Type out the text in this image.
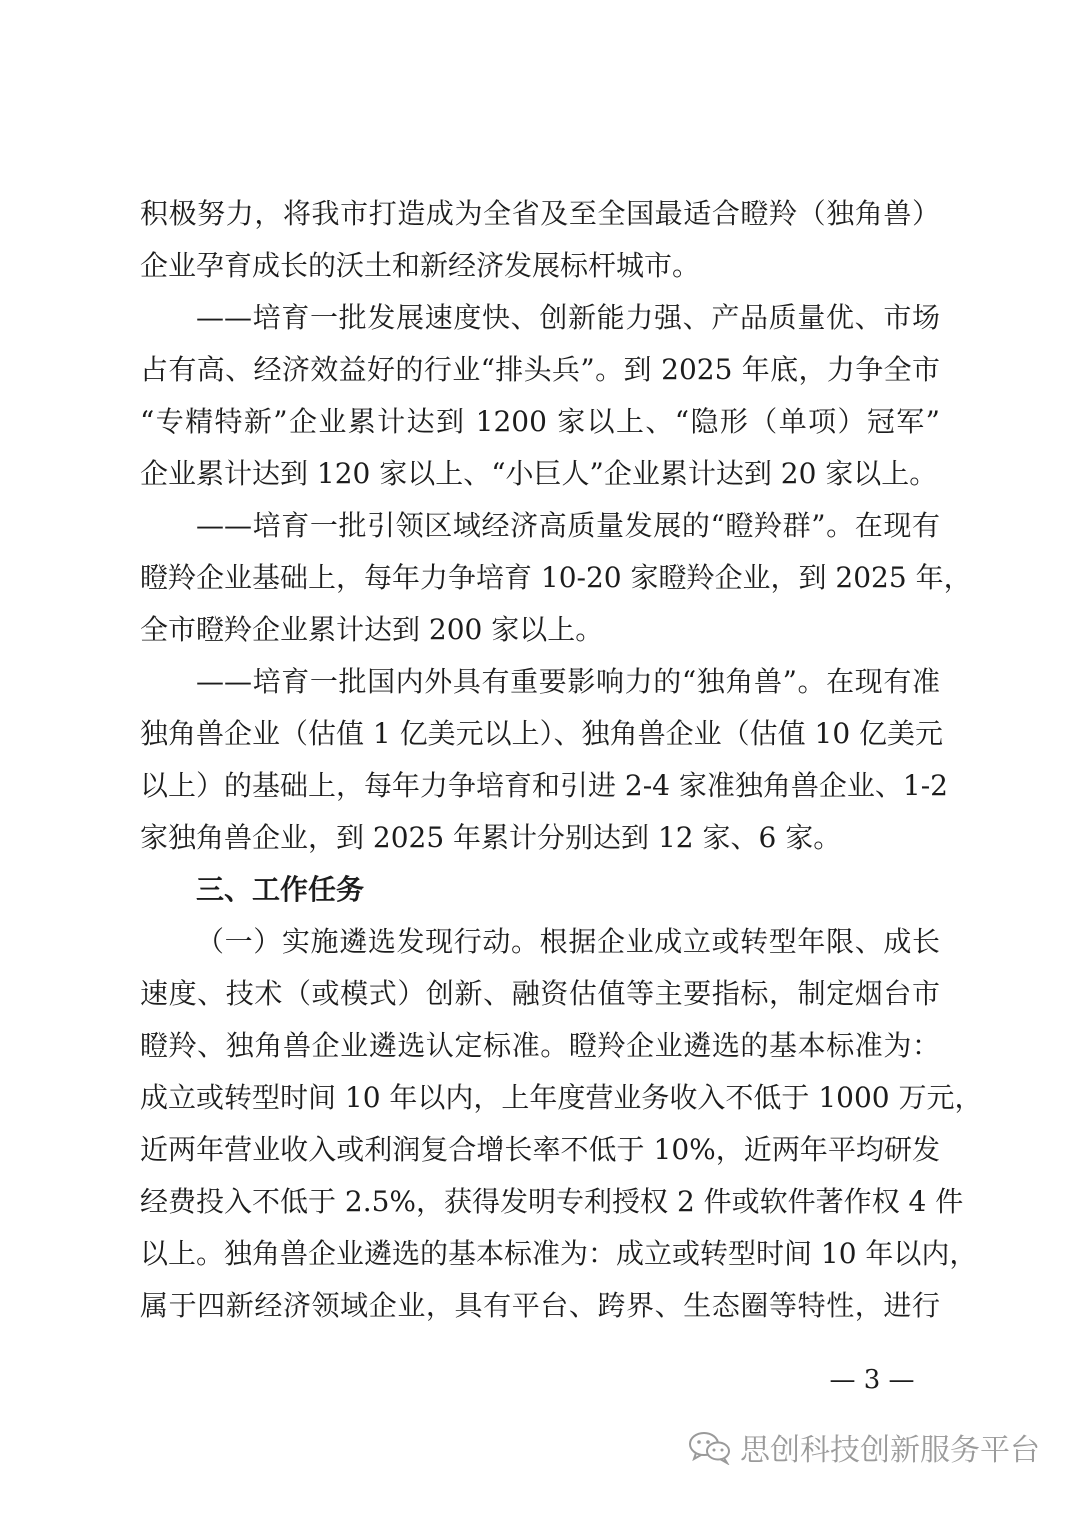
积极努力，将我市打造成为全省及至全国最适合瞪羚（独角兽）
企业孕育成长的沃土和新经济发展标杆城市。
——培育一批发展速度快、创新能力强、产品质量优、市场
占有高、经济效益好的行业“排头兵”。到 2025 年底，力争全市
“专精特新”企业累计达到 1200 家以上、“隐形（单项）冠军”
企业累计达到 120 家以上、“小巨人”企业累计达到 20 家以上。
——培育一批引领区域经济高质量发展的“瞪羚群”。在现有
瞪羚企业基础上，每年力争培育 10-20 家瞪羚企业，到 2025 年，
全市瞪羚企业累计达到 200 家以上。
——培育一批国内外具有重要影响力的“独角兽”。在现有准
独角兽企业（估值 1 亿美元以上）、独角兽企业（估值 10 亿美元
以上）的基础上，每年力争培育和引进 2-4 家准独角兽企业、1-2
家独角兽企业，到 2025 年累计分别达到 12 家、6 家。
三、工作任务
（一）实施遴选发现行动。根据企业成立或转型年限、成长
速度、技术（或模式）创新、融资估值等主要指标，制定烟台市
瞪羚、独角兽企业遴选认定标准。瞪羚企业遴选的基本标准为：
成立或转型时间 10 年以内，上年度营业务收入不低于 1000 万元，
近两年营业收入或利润复合增长率不低于 10%，近两年平均研发
经费投入不低于 2.5%，获得发明专利授权 2 件或软件著作权 4 件
以上。独角兽企业遴选的基本标准为：成立或转型时间 10 年以内，
属于四新经济领域企业，具有平台、跨界、生态圈等特性，进行
— 3 —
思创科技创新服务平台
